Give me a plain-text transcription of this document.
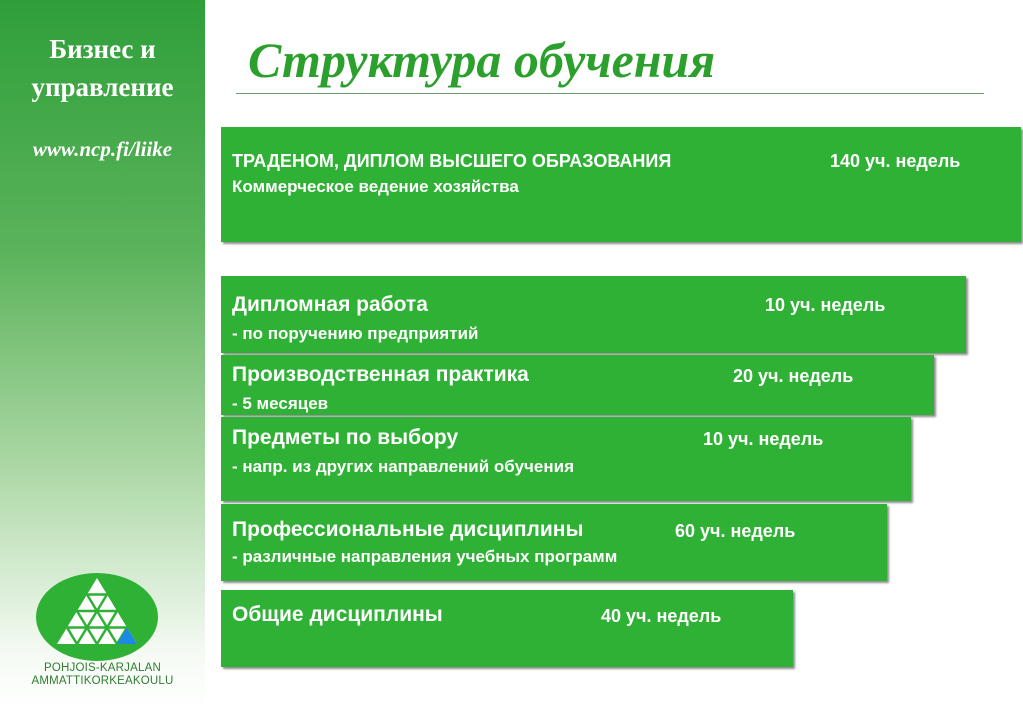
Бизнес и
управление
www.ncp.fi/liike
POHJOIS-KARJALAN
AMMATTIKORKEAKOULU
Структура обучения
ТРАДЕНОМ, ДИПЛОМ ВЫСШЕГО ОБРАЗОВАНИЯ	140 уч. недель
Коммерческое ведение хозяйства
Дипломная работа	10 уч. недель
- по поручению предприятий
Производственная практика	20 уч. недель
- 5 месяцев
Предметы по выбору	10 уч. недель
- напр. из других направлений обучения
Профессиональные дисциплины	60 уч. недель
- различные направления учебных программ
Общие дисциплины	40 уч. недель
